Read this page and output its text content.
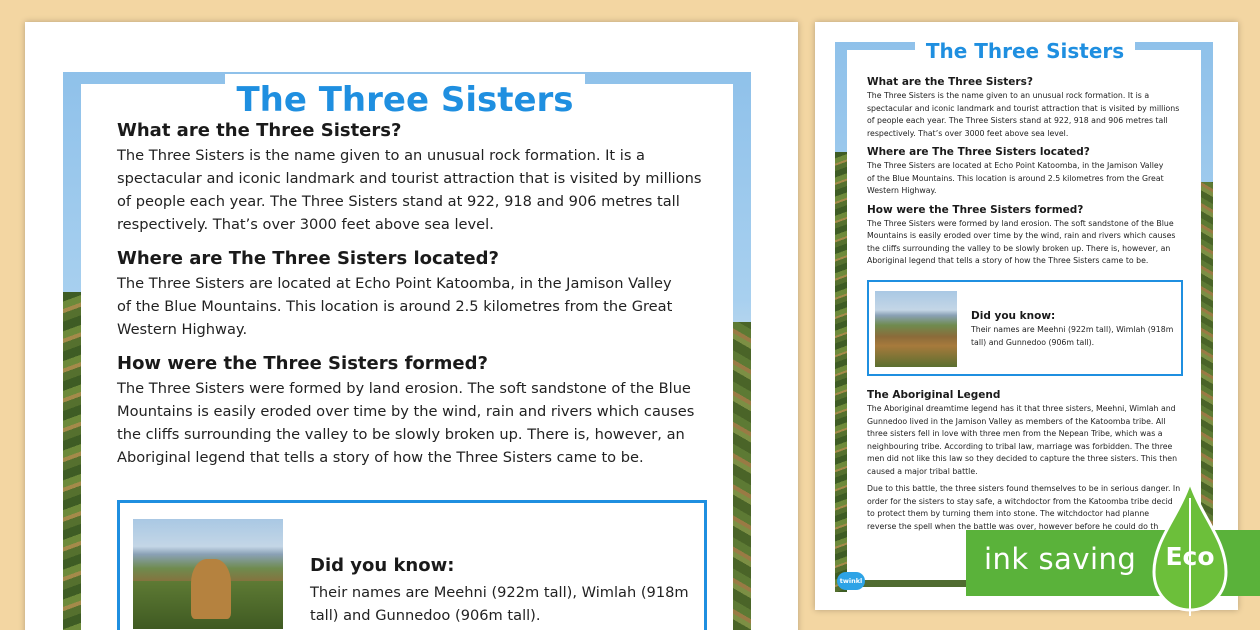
The Three Sisters
What are the Three Sisters?
The Three Sisters is the name given to an unusual rock formation. It is a
spectacular and iconic landmark and tourist attraction that is visited by millions
of people each year. The Three Sisters stand at 922, 918 and 906 metres tall
respectively. That’s over 3000 feet above sea level.
Where are The Three Sisters located?
The Three Sisters are located at Echo Point Katoomba, in the Jamison Valley
of the Blue Mountains. This location is around 2.5 kilometres from the Great
Western Highway.
How were the Three Sisters formed?
The Three Sisters were formed by land erosion. The soft sandstone of the Blue
Mountains is easily eroded over time by the wind, rain and rivers which causes
the cliffs surrounding the valley to be slowly broken up. There is, however, an
Aboriginal legend that tells a story of how the Three Sisters came to be.
Did you know:
Their names are Meehni (922m tall), Wimlah (918m
tall) and Gunnedoo (906m tall).
The Three Sisters
What are the Three Sisters?
The Three Sisters is the name given to an unusual rock formation. It is a
spectacular and iconic landmark and tourist attraction that is visited by millions
of people each year. The Three Sisters stand at 922, 918 and 906 metres tall
respectively. That’s over 3000 feet above sea level.
Where are The Three Sisters located?
The Three Sisters are located at Echo Point Katoomba, in the Jamison Valley
of the Blue Mountains. This location is around 2.5 kilometres from the Great
Western Highway.
How were the Three Sisters formed?
The Three Sisters were formed by land erosion. The soft sandstone of the Blue
Mountains is easily eroded over time by the wind, rain and rivers which causes
the cliffs surrounding the valley to be slowly broken up. There is, however, an
Aboriginal legend that tells a story of how the Three Sisters came to be.
Did you know:
Their names are Meehni (922m tall), Wimlah (918m
tall) and Gunnedoo (906m tall).
The Aboriginal Legend
The Aboriginal dreamtime legend has it that three sisters, Meehni, Wimlah and
Gunnedoo lived in the Jamison Valley as members of the Katoomba tribe. All
three sisters fell in love with three men from the Nepean Tribe, which was a
neighbouring tribe. According to tribal law, marriage was forbidden. The three
men did not like this law so they decided to capture the three sisters. This then
caused a major tribal battle.
Due to this battle, the three sisters found themselves to be in serious danger. In
order for the sisters to stay safe, a witchdoctor from the Katoomba tribe decid
to protect them by turning them into stone. The witchdoctor had planne
reverse the spell when the battle was over, however before he could do th
twinkl
ink saving Eco
